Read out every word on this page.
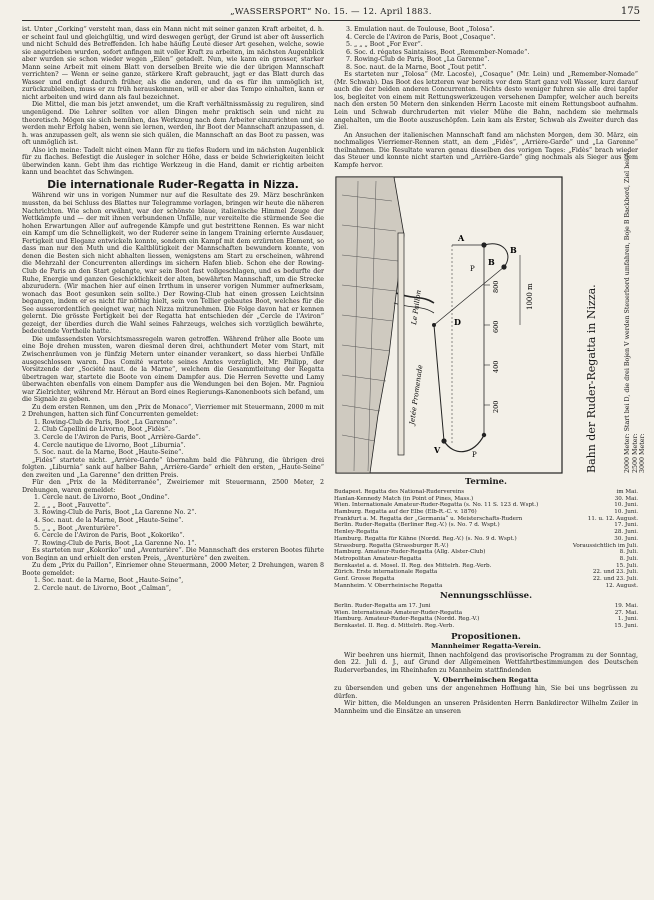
„WASSERSPORT“ No. 15. — 12. April 1883.	175

ist. Unter „Corking“ versteht man, dass ein Mann nicht mit seiner ganzen Kraft arbeitet, d. h. er scheint faul und gleichgültig, und wird deswegen gerügt, der Grund ist aber oft äusserlich und nicht Schuld des Betreffenden. Ich habe häufig Leute dieser Art gesehen, welche, sowie sie angetrieben wurden, sofort anfingen mit voller Kraft zu arbeiten, im nächsten Augenblick aber wurden sie schon wieder wegen „Eilen“ getadelt. Nun, wie kann ein grosser, starker Mann seine Arbeit mit einem Blatt von derselben Breite wie die der übrigen Mannschaft verrichten? — Wenn er seine ganze, stärkere Kraft gebraucht, jagt er das Blatt durch das Wasser und endigt dadurch früher, als die anderen, und da es für ihn unmöglich ist, zurückzubleiben, muss er zu früh herauskommen, will er aber das Tempo einhalten, kann er nicht arbeiten und wird dann als faul bezeichnet.

Die Mittel, die man bis jetzt anwendet, um die Kraft verhältnissmässig zu reguliren, sind ungenügend. Die Lehrer sollten vor allen Dingen mehr praktisch sein und nicht zu theoretisch. Mögen sie sich bemühen, das Werkzeug nach dem Arbeiter einzurichten und sie werden mehr Erfolg haben, wenn sie lernen, werden, ihr Boot der Mannschaft anzupassen, d. h. was anzupassen gelt, als wenn sie sich quälen, die Mannschaft an das Boot zu passen, was oft unmöglich ist.

Also ich meine: Tadelt nicht einen Mann für zu tiefes Rudern und im nächsten Augenblick für zu flaches. Befestigt die Ausleger in solcher Höhe, dass er beide Schwierigkeiten leicht überwinden kann. Gebt ihm das richtige Werkzeug in die Hand, damit er richtig arbeiten kann und beachtet das Schwingen.

Die internationale Ruder-Regatta in Nizza.

Während wir uns in vorigen Nummer nur auf die Resultate des 29. März beschränken mussten, da bei Schluss des Blattes nur Telegramme vorlagen, bringen wir heute die näheren Nachrichten. Wie schon erwähnt, war der schönste blaue, italienische Himmel Zeuge der Wettkämpfe und — der mit ihnen verbundenen Unfälle, nur vereitelte die stürmende See die hohen Erwartungen Aller auf aufregende Kämpfe und gut bestrittene Rennen. Es war nicht ein Kampf um die Schnelligkeit, wo der Ruderer seine in langem Training erlernte Ausdauer, Fertigkeit und Eleganz entwickeln konnte, sondern ein Kampf mit dem erzürnten Element, so dass man nur den Muth und die Kaltblütigkeit der Mannschaften bewundern konnte, von denen die Besten sich nicht abhalten liessen, wenigstens am Start zu erscheinen, während die Mehrzahl der Concurrenten allerdings im sichern Hafen blieb. Schon ehe der Rowing-Club de Paris an den Start gelangte, war sein Boot fast vollgeschlagen, und es bedurfte der Ruhe, Energie und ganzen Geschicklichkeit der alten, bewährten Mannschaft, um die Strecke abzurudern. (Wir machen hier auf einen Irrthum in unserer vorigen Nummer aufmerksam, wonach das Boot gesunken sein sollte.) Der Rowing-Club hat einen grossen Leichtsinn begangen, indem er es nicht für nöthig hielt, sein von Tellier gebautes Boot, welches für die See ausserordentlich geeignet war, nach Nizza mitzunehmen. Die Folge davon hat er kennen gelernt. Die grösste Fertigkeit bei der Regatta hat entschieden der „Cercle de l'Aviron“ gezeigt, der überdies durch die Wahl seines Fahrzeugs, welches sich vorzüglich bewährte, bedeutende Vortheile hatte.

Die umfassendsten Vorsichtsmassregeln waren getroffen. Während früher alle Boote um eine Boje drehen mussten, waren diesmal deren drei, achthundert Meter vom Start, mit Zwischenräumen von je fünfzig Metern unter einander verankert, so dass hierbei Unfälle ausgeschlossen waren. Das Comité wartete seines Amtes vorzüglich, Mr. Philipp, der Vorsitzende der „Société naut. de la Marne“, welchem die Gesammtleitung der Regatta übertragen war, startete die Boote von einem Dampfer aus. Die Herren Sevette und Lamy überwachten ebenfalls von einem Dampfer aus die Wendungen bei den Bojen. Mr. Pagniou war Zielrichter, während Mr. Héraut an Bord eines Regierungs-Kanonenboots sich befand, um die Signale zu geben.

Zu dem ersten Rennen, um den „Prix de Monaco“, Vierriemer mit Steuermann, 2000 m mit 2 Drehungen, hatten sich fünf Concurrenten gemeldet:

1. Rowing-Club de Paris, Boot „La Garenne“.
2. Club Capellini de Livorno, Boot „Fidès“.
3. Cercle de l'Aviron de Paris, Boot „Arrière-Garde“.
4. Cercle nautique de Livorno, Boot „Liburnia“.
5. Soc. naut. de la Marne, Boot „Haute-Seine“.

„Fidès“ startete nicht. „Arrière-Garde“ übernahm bald die Führung, die übrigen drei folgten. „Liburnia“ sank auf halber Bahn, „Arrière-Garde“ erhielt den ersten, „Haute-Seine“ den zweiten und „La Garenne“ den dritten Preis.

Für den „Prix de la Méditerranée“, Zweiriemer mit Steuermann, 2500 Meter, 2 Drehungen, waren gemeldet:

1. Cercle naut. de Livorno, Boot „Ondine“.
2. „ „ „ Boot „Fauvette“.
3. Rowing-Club de Paris, Boot „La Garenne No. 2“.
4. Soc. naut. de la Marne, Boot „Haute-Seine“.
5. „ „ „ Boot „Aventurière“.
6. Cercle de l'Aviron de Paris, Boot „Kokoriko“.
7. Rowing-Club de Paris, Boot „La Garenne No. 1“.

Es starteten nur „Kokoriko“ und „Aventurière“. Die Mannschaft des ersteren Bootes führte von Beginn an und erhielt den ersten Preis, „Aventurière“ den zweiten.

Zu dem „Prix du Paillon“, Einriemer ohne Steuermann, 2000 Meter, 2 Drehungen, waren 8 Boote gemeldet:

1. Soc. naut. de la Marne, Boot „Haute-Seine“,
2. Cercle naut. de Livorno, Boot „Caïman“,
3. Emulation naut. de Toulouse, Boot „Tolosa“.
4. Cercle de l'Aviron de Paris, Boot „Cosaque“.
5. „ „ „ Boot „For Ever“.
6. Soc. d. régates Saintaises, Boot „Remember-Nomade“.
7. Rowing-Club de Paris, Boot „La Garenne“.
8. Soc. naut. de la Marne, Boot „Tout petit“.

Es starteten nur „Tolosa“ (Mr. Lacoste), „Cosaque“ (Mr. Lein) und „Remember-Nomade“ (Mr. Schwab). Das Boot des letzteren war bereits vor dem Start ganz voll Wasser, kurz darauf auch die der beiden anderen Concurrenten. Nichts desto weniger fuhren sie alle drei tapfer los, begleitet von einem mit Rettungswerkzeugen versehenen Dampfer, welcher auch bereits nach den ersten 50 Metern den sinkenden Herrn Lacoste mit einem Rettungsboot aufnahm. Lein und Schwab durchruderten mit vieler Mühe die Bahn, nachdem sie mehrmals angehalten, um die Boote auszuschöpfen. Lein kam als Erster, Schwab als Zweiter durch das Ziel.

An Ansuchen der italienischen Mannschaft fand am nächsten Morgen, dem 30. März, ein nochmaliges Vierriemer-Rennen statt, an dem „Fidès“, „Arrière-Garde“ und „La Garenne“ theilnahmen. Die Resultate waren genau dieselben des vorigen Tages: „Fidès“ brach wieder das Steuer und konnte nicht starten und „Arrière-Garde“ ging nochmals als Sieger aus dem Kampfe hervor.

Jetée Promenade
Le Paillon	1000 m
800
600
400
200
V
B
B
D
A
P
P	Bahn der Ruder-Regatta in Nizza.	2000 Meter: Start bei D, die drei Bojen V werden Steuerbord umfahren, Boje B Backbord, Ziel bei A.
2500 Meter:
3000 Meter:
Termine.
Budapest. Regatta des National-Rudervereins	im Mai.
Hanlan-Kennedy Match (in Point of Pines, Mass.)	30. Mai.
Wien. Internationale Amateur-Ruder-Regatta (s. No. 11 S. 123 d. Wspt.)	10. Juni.
Hamburg. Regatta auf der Elbe (Elb-R.-C. v. 1876)	10. Juni.
Frankfurt a. M. Regatta der „Germania“ u. Meisterschafts-Rudern	11. u. 12. August.
Berlin. Ruder-Regatta (Berliner Reg.-V.) (s. No. 7 d. Wspt.)	17. Juni.
Henley-Regatta	28. Juni.
Hamburg. Regatta für Kähne (Nordd. Reg.-V.) (s. No. 9 d. Wspt.)	30. Juni.
Strassburg. Regatta (Strassburger R.-V.)	Voraussichtlich im Juli.
Hamburg. Amateur-Ruder-Regatta (Allg. Alster-Club)	8. Juli.
Metropolitan Amateur-Regatta	8. Juli.
Bernkastel a. d. Mosel. II. Reg. des Mittelrh. Reg.-Verb.	15. Juli.
Zürich. Erste internationale Regatta	22. und 23. Juli.
Genf. Grosse Regatta	22. und 23. Juli.
Mannheim. V. Oberrheinische Regatta	12. August.
Nennungsschlüsse.
Berlin. Ruder-Regatta am 17. Juni	19. Mai.
Wien. Internationale Amateur-Ruder-Regatta	27. Mai.
Hamburg. Amateur-Ruder-Regatta (Nordd. Reg.-V.)	1. Juni.
Bernkastel. II. Reg. d. Mittelrh. Reg.-Verb.	15. Juni.
Propositionen.
Mannheimer Regatta-Verein.

Wir beehren uns hiermit, Ihnen nachfolgend das provisorische Programm zu der Sonntag, den 22. Juli d. J., auf Grund der Allgemeinen Wettfahrtbestimmungen des Deutschen Ruderverbandes, im Rheinhafen zu Mannheim stattfindenden

V. Oberrheinischen Regatta

zu übersenden und geben uns der angenehmen Hoffnung hin, Sie bei uns begrüssen zu dürfen.

Wir bitten, die Meldungen an unseren Präsidenten Herrn Bankdirector Wilhelm Zeiler in Mannheim und die Einsätze an unseren
